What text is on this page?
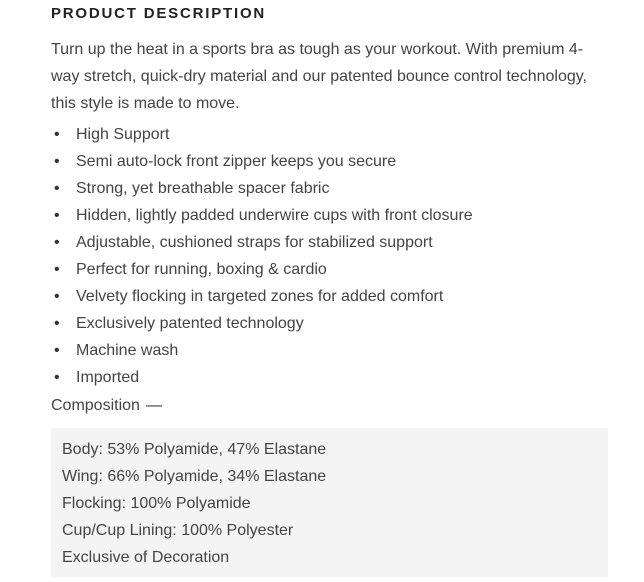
PRODUCT DESCRIPTION

Turn up the heat in a sports bra as tough as your workout. With premium 4-way stretch, quick-dry material and our patented bounce control technology, this style is made to move.

• High Support
• Semi auto-lock front zipper keeps you secure
• Strong, yet breathable spacer fabric
• Hidden, lightly padded underwire cups with front closure
• Adjustable, cushioned straps for stabilized support
• Perfect for running, boxing & cardio
• Velvety flocking in targeted zones for added comfort
• Exclusively patented technology
• Machine wash
• Imported
Composition —
Body: 53% Polyamide, 47% Elastane
Wing: 66% Polyamide, 34% Elastane
Flocking: 100% Polyamide
Cup/Cup Lining: 100% Polyester
Exclusive of Decoration
